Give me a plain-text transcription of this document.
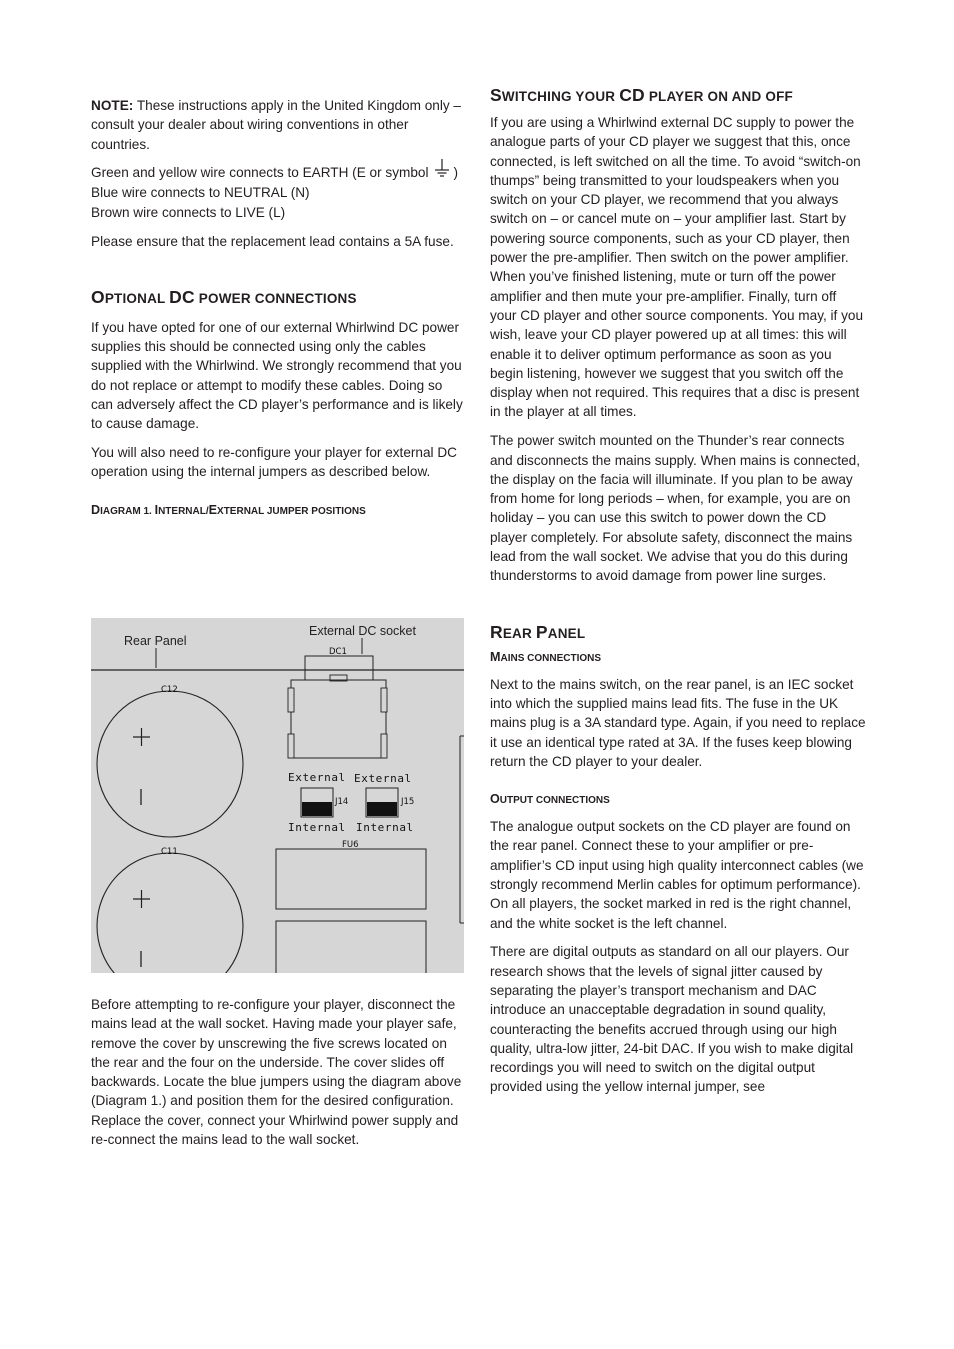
NOTE: These instructions apply in the United Kingdom only – consult your dealer about wiring conventions in other countries.

Green and yellow wire connects to EARTH (E or symbol )
Blue wire connects to NEUTRAL (N)
Brown wire connects to LIVE (L)

Please ensure that the replacement lead contains a 5A fuse.

OPTIONAL DC POWER CONNECTIONS

If you have opted for one of our external Whirlwind DC power supplies this should be connected using only the cables supplied with the Whirlwind. We strongly recommend that you do not replace or attempt to modify these cables. Doing so can adversely affect the CD player’s performance and is likely to cause damage.

You will also need to re-configure your player for external DC operation using the internal jumpers as described below.

DIAGRAM 1. INTERNAL/EXTERNAL JUMPER POSITIONS
Rear Panel
External DC socket
DC1
C12
C11
External External
Internal Internal
J14	J15
FU6

Before attempting to re-configure your player, disconnect the mains lead at the wall socket. Having made your player safe, remove the cover by unscrewing the five screws located on the rear and the four on the underside. The cover slides off backwards. Locate the blue jumpers using the diagram above (Diagram 1.) and position them for the desired configuration. Replace the cover, connect your Whirlwind power supply and re-connect the mains lead to the wall socket.

SWITCHING YOUR CD PLAYER ON AND OFF

If you are using a Whirlwind external DC supply to power the analogue parts of your CD player we suggest that this, once connected, is left switched on all the time. To avoid “switch-on thumps” being transmitted to your loudspeakers when you switch on your CD player, we recommend that you always switch on – or cancel mute on – your amplifier last. Start by powering source components, such as your CD player, then power the pre-amplifier. Then switch on the power amplifier. When you’ve finished listening, mute or turn off the power amplifier and then mute your pre-amplifier. Finally, turn off your CD player and other source components. You may, if you wish, leave your CD player powered up at all times: this will enable it to deliver optimum performance as soon as you begin listening, however we suggest that you switch off the display when not required. This requires that a disc is present in the player at all times.

The power switch mounted on the Thunder’s rear connects and disconnects the mains supply. When mains is connected, the display on the facia will illuminate. If you plan to be away from home for long periods – when, for example, you are on holiday – you can use this switch to power down the CD player completely. For absolute safety, disconnect the mains lead from the wall socket. We advise that you do this during thunderstorms to avoid damage from power line surges.

REAR PANEL
MAINS CONNECTIONS

Next to the mains switch, on the rear panel, is an IEC socket into which the supplied mains lead fits. The fuse in the UK mains plug is a 3A standard type. Again, if you need to replace it use an identical type rated at 3A. If the fuses keep blowing return the CD player to your dealer.

OUTPUT CONNECTIONS

The analogue output sockets on the CD player are found on the rear panel. Connect these to your amplifier or pre-amplifier’s CD input using high quality interconnect cables (we strongly recommend Merlin cables for optimum performance). On all players, the socket marked in red is the right channel, and the white socket is the left channel.

There are digital outputs as standard on all our players. Our research shows that the levels of signal jitter caused by separating the player’s transport mechanism and DAC introduce an unacceptable degradation in sound quality, counteracting the benefits accrued through using our high quality, ultra-low jitter, 24-bit DAC. If you wish to make digital recordings you will need to switch on the digital output provided using the yellow internal jumper, see
